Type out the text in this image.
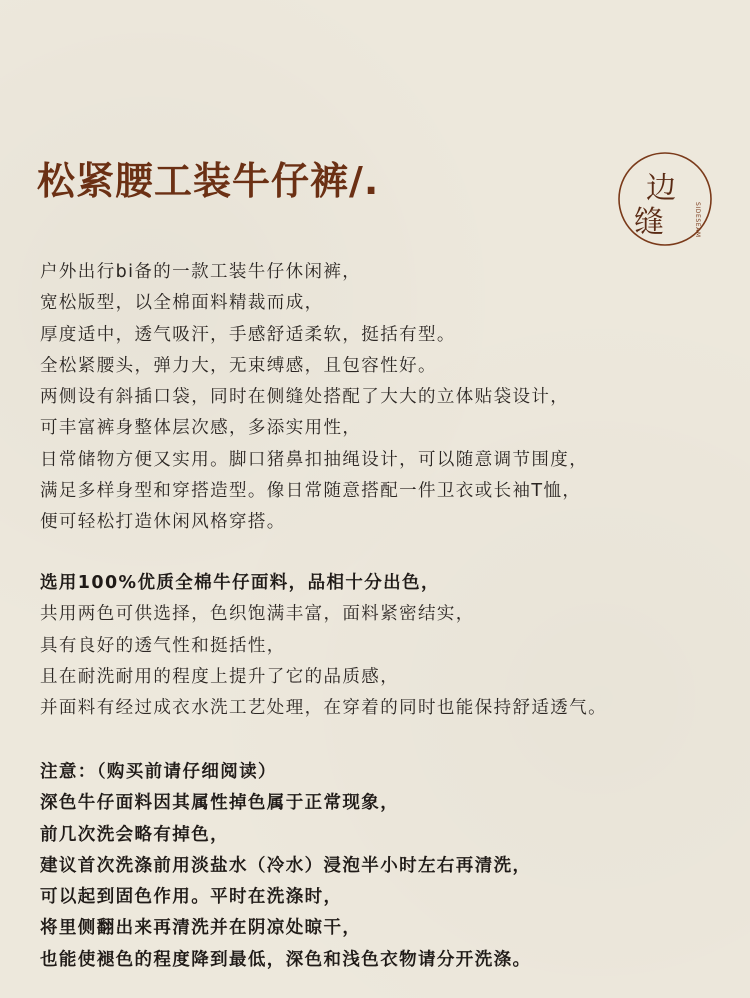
松紧腰工装牛仔裤/.	边
缝	SIDESEAM
户外出行bi备的一款工装牛仔休闲裤，
宽松版型，以全棉面料精裁而成，
厚度适中，透气吸汗，手感舒适柔软，挺括有型。
全松紧腰头，弹力大，无束缚感，且包容性好。
两侧设有斜插口袋，同时在侧缝处搭配了大大的立体贴袋设计，
可丰富裤身整体层次感，多添实用性，
日常储物方便又实用。脚口猪鼻扣抽绳设计，可以随意调节围度，
满足多样身型和穿搭造型。像日常随意搭配一件卫衣或长袖T恤，
便可轻松打造休闲风格穿搭。
选用100%优质全棉牛仔面料，品相十分出色，
共用两色可供选择，色织饱满丰富，面料紧密结实，
具有良好的透气性和挺括性，
且在耐洗耐用的程度上提升了它的品质感，
并面料有经过成衣水洗工艺处理，在穿着的同时也能保持舒适透气。
注意：（购买前请仔细阅读）
深色牛仔面料因其属性掉色属于正常现象，
前几次洗会略有掉色，
建议首次洗涤前用淡盐水（冷水）浸泡半小时左右再清洗，
可以起到固色作用。平时在洗涤时，
将里侧翻出来再清洗并在阴凉处晾干，
也能使褪色的程度降到最低，深色和浅色衣物请分开洗涤。
